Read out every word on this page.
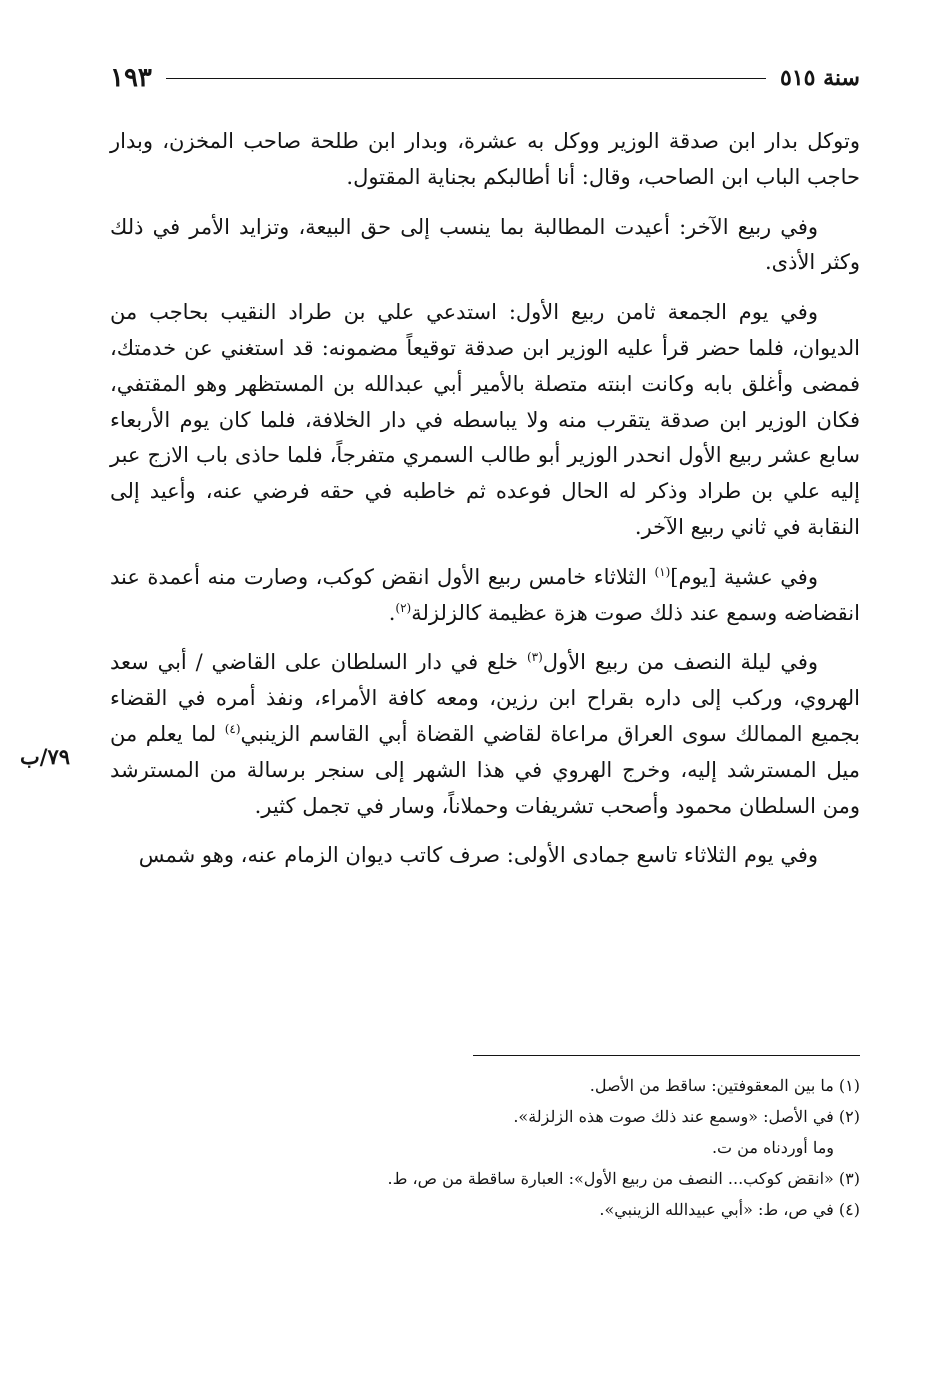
سنة ٥١٥
١٩٣

وتوكل بدار ابن صدقة الوزير ووكل به عشرة، وبدار ابن طلحة صاحب المخزن، وبدار حاجب الباب ابن الصاحب، وقال: أنا أطالبكم بجناية المقتول.

وفي ربيع الآخر: أعيدت المطالبة بما ينسب إلى حق البيعة، وتزايد الأمر في ذلك وكثر الأذى.

وفي يوم الجمعة ثامن ربيع الأول: استدعي علي بن طراد النقيب بحاجب من الديوان، فلما حضر قرأ عليه الوزير ابن صدقة توقيعاً مضمونه: قد استغني عن خدمتك، فمضى وأغلق بابه وكانت ابنته متصلة بالأمير أبي عبدالله بن المستظهر وهو المقتفي، فكان الوزير ابن صدقة يتقرب منه ولا يباسطه في دار الخلافة، فلما كان يوم الأربعاء سابع عشر ربيع الأول انحدر الوزير أبو طالب السمري متفرجاً، فلما حاذى باب الازج عبر إليه علي بن طراد وذكر له الحال فوعده ثم خاطبه في حقه فرضي عنه، وأعيد إلى النقابة في ثاني ربيع الآخر.

وفي عشية [يوم]$^{(١)}$ الثلاثاء خامس ربيع الأول انقض كوكب، وصارت منه أعمدة عند انقضاضه وسمع عند ذلك صوت هزة عظيمة كالزلزلة$^{(٢)}$.

وفي ليلة النصف من ربيع الأول$^{(٣)}$ خلع في دار السلطان على القاضي / أبي سعد الهروي، وركب إلى داره بقراح ابن رزين، ومعه كافة الأمراء، ونفذ أمره في القضاء بجميع الممالك سوى العراق مراعاة لقاضي القضاة أبي القاسم الزينبي$^{(٤)}$ لما يعلم من ميل المسترشد إليه، وخرج الهروي في هذا الشهر إلى سنجر برسالة من المسترشد ومن السلطان محمود وأصحب تشريفات وحملاناً، وسار في تجمل كثير.

وفي يوم الثلاثاء تاسع جمادى الأولى: صرف كاتب ديوان الزمام عنه، وهو شمس

٧٩/ب

(١) ما بين المعقوفتين: ساقط من الأصل.

(٢) في الأصل: «وسمع عند ذلك صوت هذه الزلزلة».

وما أوردناه من ت.

(٣) «انقض كوكب... النصف من ربيع الأول»: العبارة ساقطة من ص، ط.

(٤) في ص، ط: «أبي عبيدالله الزينبي».
